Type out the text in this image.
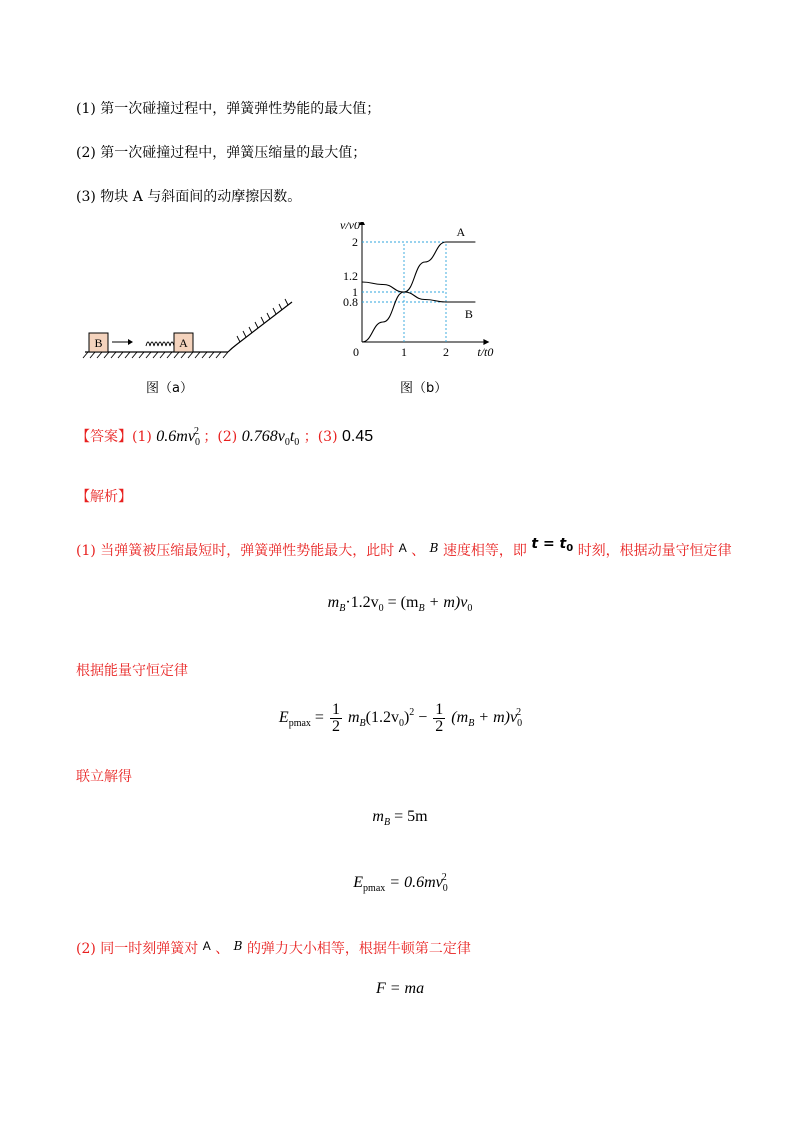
(1) 第一次碰撞过程中，弹簧弹性势能的最大值；
(2) 第一次碰撞过程中，弹簧压缩量的最大值；
(3) 物块 A 与斜面间的动摩擦因数。
B	A
图（a）
2
1.2
1
0.8
0	1	2
v/v0
t/t0
A
B
图（b）
【答案】(1) $0.6mv_0^2$ ；(2) $0.768v_0t_0$ ；(3) 0.45
【解析】
(1) 当弹簧被压缩最短时，弹簧弹性势能最大，此时 A 、 B 速度相等，即 $t = t_0$ 时刻，根据动量守恒定律
$m_B\cdot 1.2v_0 = (m_B + m)v_0$
根据能量守恒定律
$E_{pmax} = \frac{1}{2} m_B(1.2v_0)^2 - \frac{1}{2} (m_B + m)v_0^2$
联立解得
$m_B = 5m$
$E_{pmax} = 0.6mv_0^2$
(2) 同一时刻弹簧对 A 、 B 的弹力大小相等，根据牛顿第二定律
F = ma
